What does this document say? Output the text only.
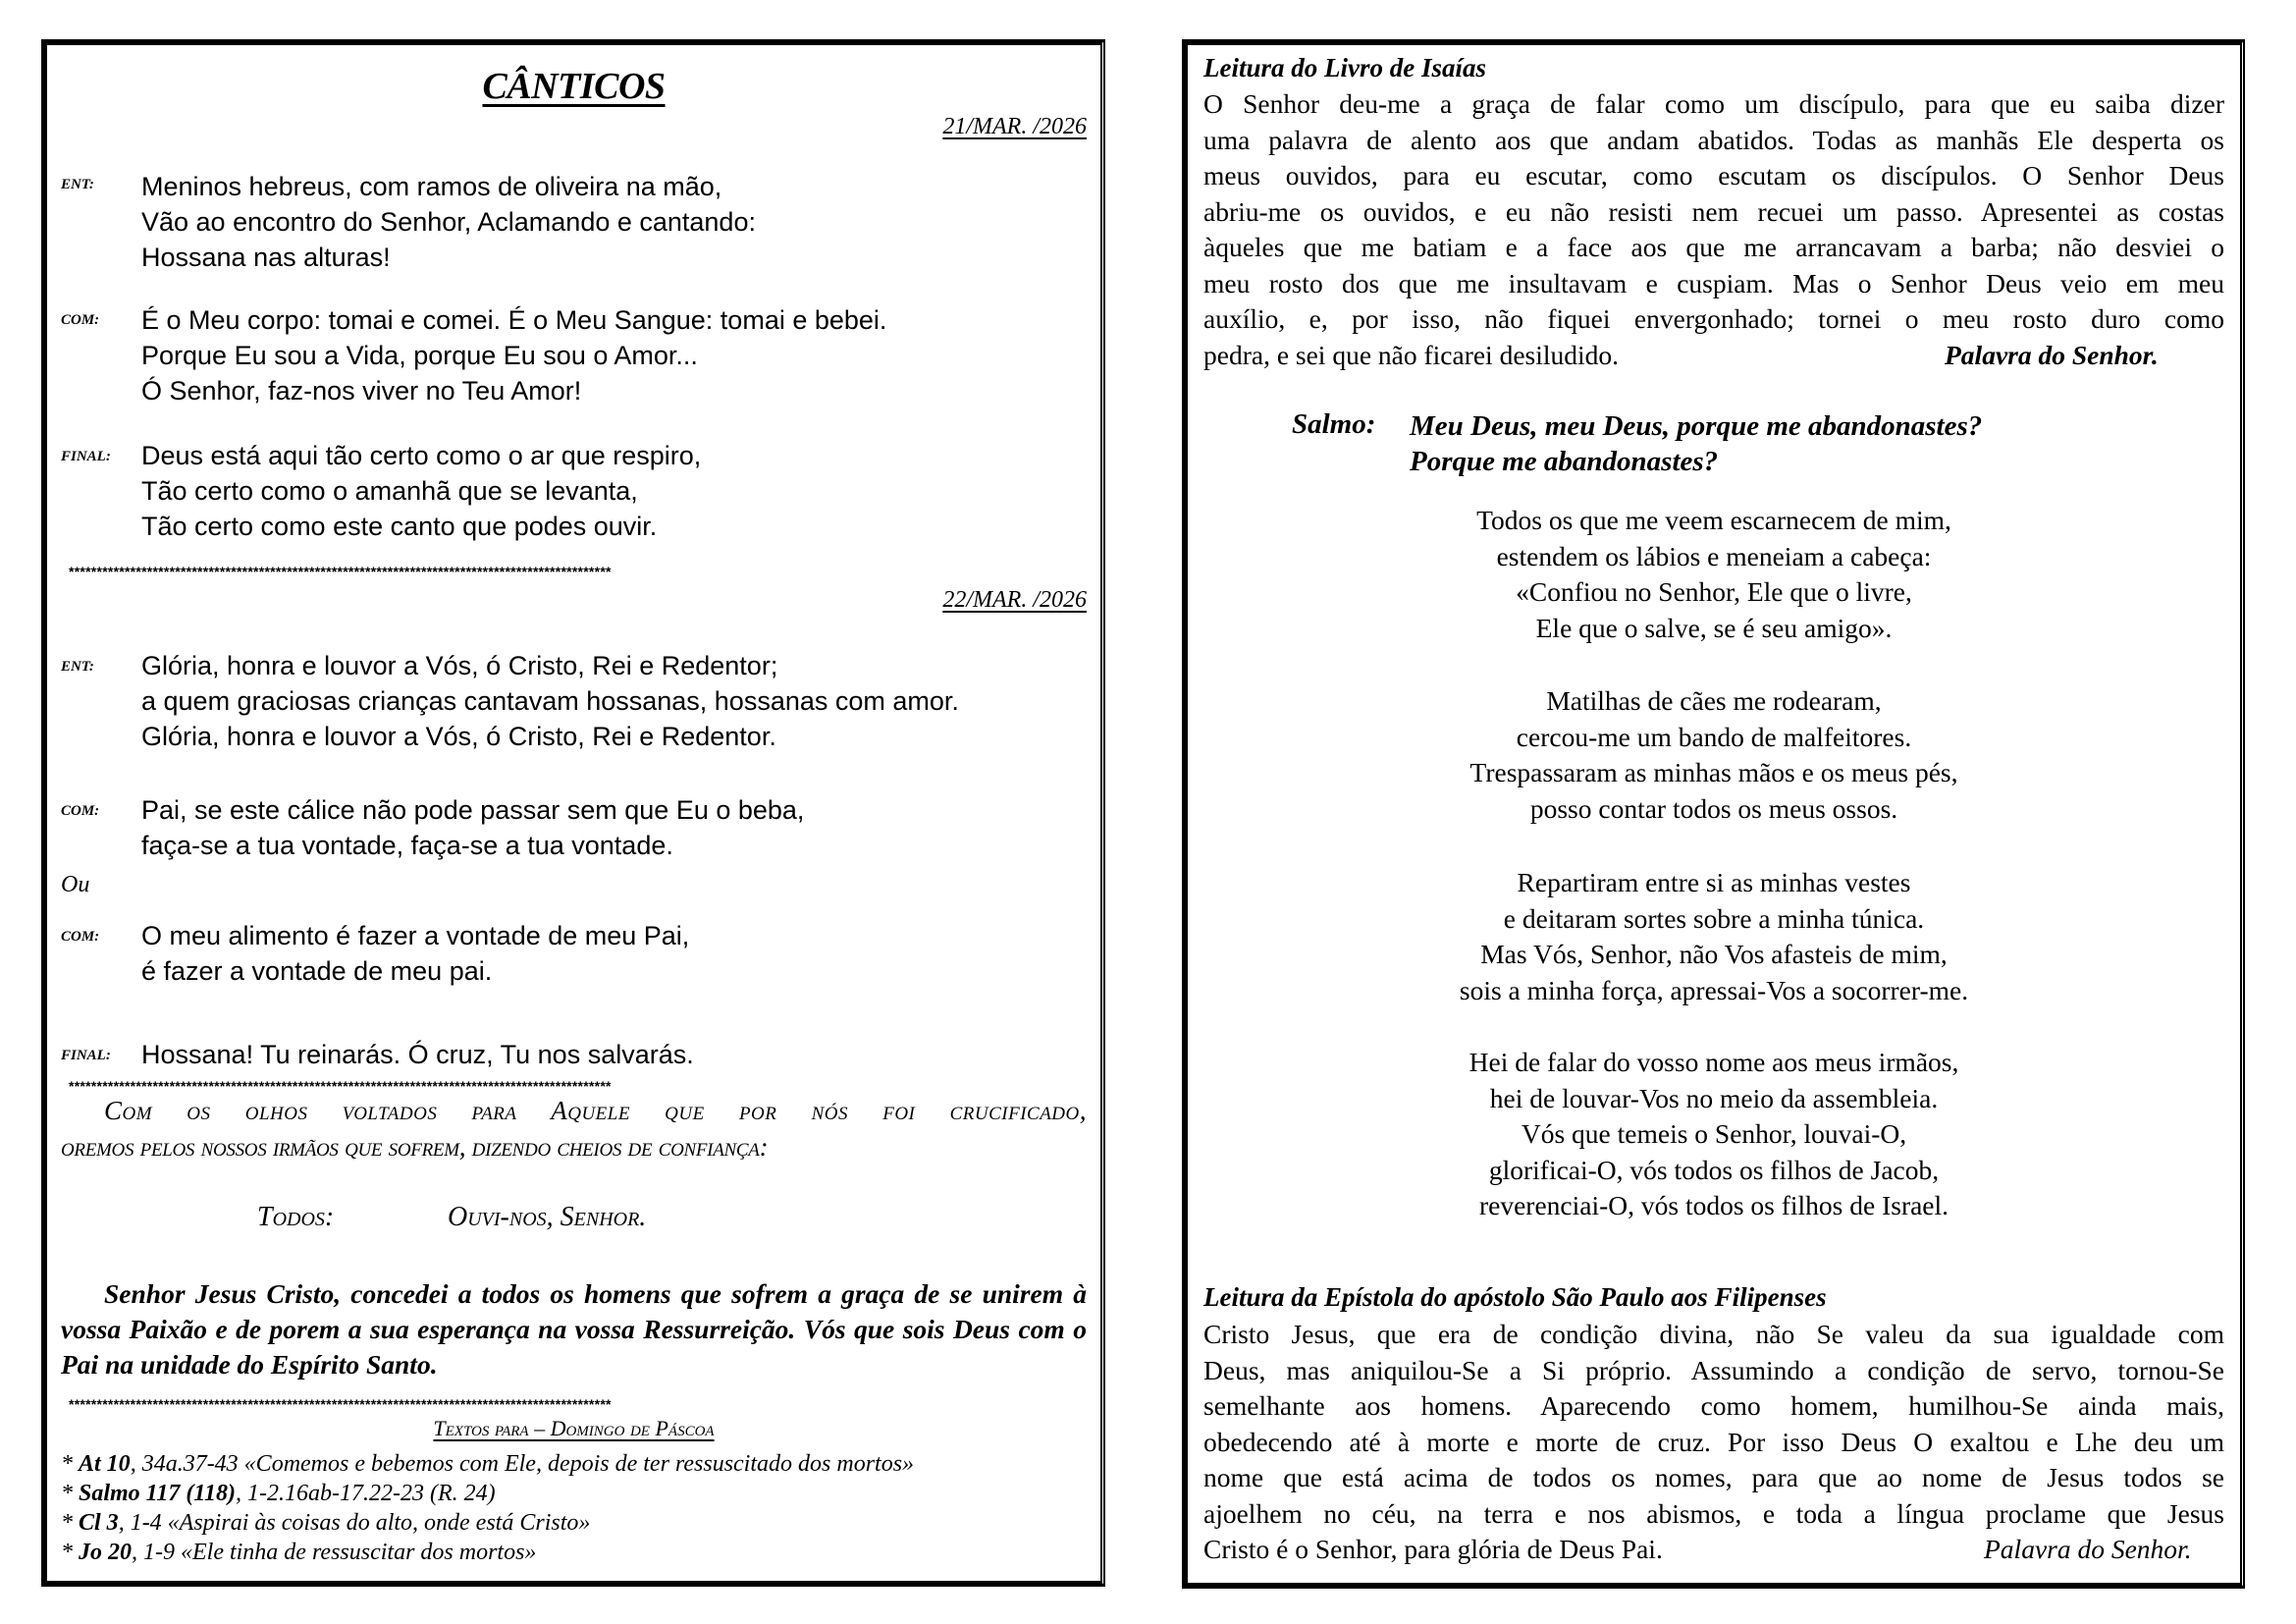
CÂNTICOS
21/MAR. /2026
ENT: Meninos hebreus, com ramos de oliveira na mão,
Vão ao encontro do Senhor, Aclamando e cantando:
Hossana nas alturas!
COM: É o Meu corpo: tomai e comei. É o Meu Sangue: tomai e bebei.
Porque Eu sou a Vida, porque Eu sou o Amor...
Ó Senhor, faz-nos viver no Teu Amor!
FINAL: Deus está aqui tão certo como o ar que respiro,
Tão certo como o amanhã que se levanta,
Tão certo como este canto que podes ouvir.
*************************************************************************************************
22/MAR. /2026
ENT: Glória, honra e louvor a Vós, ó Cristo, Rei e Redentor;
a quem graciosas crianças cantavam hossanas, hossanas com amor.
Glória, honra e louvor a Vós, ó Cristo, Rei e Redentor.
COM: Pai, se este cálice não pode passar sem que Eu o beba,
faça-se a tua vontade, faça-se a tua vontade.
Ou
COM: O meu alimento é fazer a vontade de meu Pai,
é fazer a vontade de meu pai.
FINAL: Hossana! Tu reinarás. Ó cruz, Tu nos salvarás.
*************************************************************************************************
Com os olhos voltados para Aquele que por nós foi crucificado,
oremos pelos nossos irmãos que sofrem, dizendo cheios de confiança:
Todos:	Ouvi-nos, Senhor.
Senhor Jesus Cristo, concedei a todos os homens que sofrem a graça de se unirem à vossa Paixão e de porem a sua esperança na vossa Ressurreição. Vós que sois Deus com o Pai na unidade do Espírito Santo.
*************************************************************************************************
Textos para – Domingo de Páscoa
* At 10, 34a.37-43 «Comemos e bebemos com Ele, depois de ter ressuscitado dos mortos»
* Salmo 117 (118), 1-2.16ab-17.22-23 (R. 24)
* Cl 3, 1-4 «Aspirai às coisas do alto, onde está Cristo»
* Jo 20, 1-9 «Ele tinha de ressuscitar dos mortos»
Leitura do Livro de Isaías
O Senhor deu-me a graça de falar como um discípulo, para que eu saiba dizer
uma palavra de alento aos que andam abatidos. Todas as manhãs Ele desperta os
meus ouvidos, para eu escutar, como escutam os discípulos. O Senhor Deus
abriu-me os ouvidos, e eu não resisti nem recuei um passo. Apresentei as costas
àqueles que me batiam e a face aos que me arrancavam a barba; não desviei o
meu rosto dos que me insultavam e cuspiam. Mas o Senhor Deus veio em meu
auxílio, e, por isso, não fiquei envergonhado; tornei o meu rosto duro como
pedra, e sei que não ficarei desiludido.	Palavra do Senhor.
Salmo: Meu Deus, meu Deus, porque me abandonastes?
Porque me abandonastes?
Todos os que me veem escarnecem de mim,
estendem os lábios e meneiam a cabeça:
«Confiou no Senhor, Ele que o livre,
Ele que o salve, se é seu amigo».
Matilhas de cães me rodearam,
cercou-me um bando de malfeitores.
Trespassaram as minhas mãos e os meus pés,
posso contar todos os meus ossos.
Repartiram entre si as minhas vestes
e deitaram sortes sobre a minha túnica.
Mas Vós, Senhor, não Vos afasteis de mim,
sois a minha força, apressai-Vos a socorrer-me.
Hei de falar do vosso nome aos meus irmãos,
hei de louvar-Vos no meio da assembleia.
Vós que temeis o Senhor, louvai-O,
glorificai-O, vós todos os filhos de Jacob,
reverenciai-O, vós todos os filhos de Israel.
Leitura da Epístola do apóstolo São Paulo aos Filipenses
Cristo Jesus, que era de condição divina, não Se valeu da sua igualdade com
Deus, mas aniquilou-Se a Si próprio. Assumindo a condição de servo, tornou-Se
semelhante aos homens. Aparecendo como homem, humilhou-Se ainda mais,
obedecendo até à morte e morte de cruz. Por isso Deus O exaltou e Lhe deu um
nome que está acima de todos os nomes, para que ao nome de Jesus todos se
ajoelhem no céu, na terra e nos abismos, e toda a língua proclame que Jesus
Cristo é o Senhor, para glória de Deus Pai.	Palavra do Senhor.
